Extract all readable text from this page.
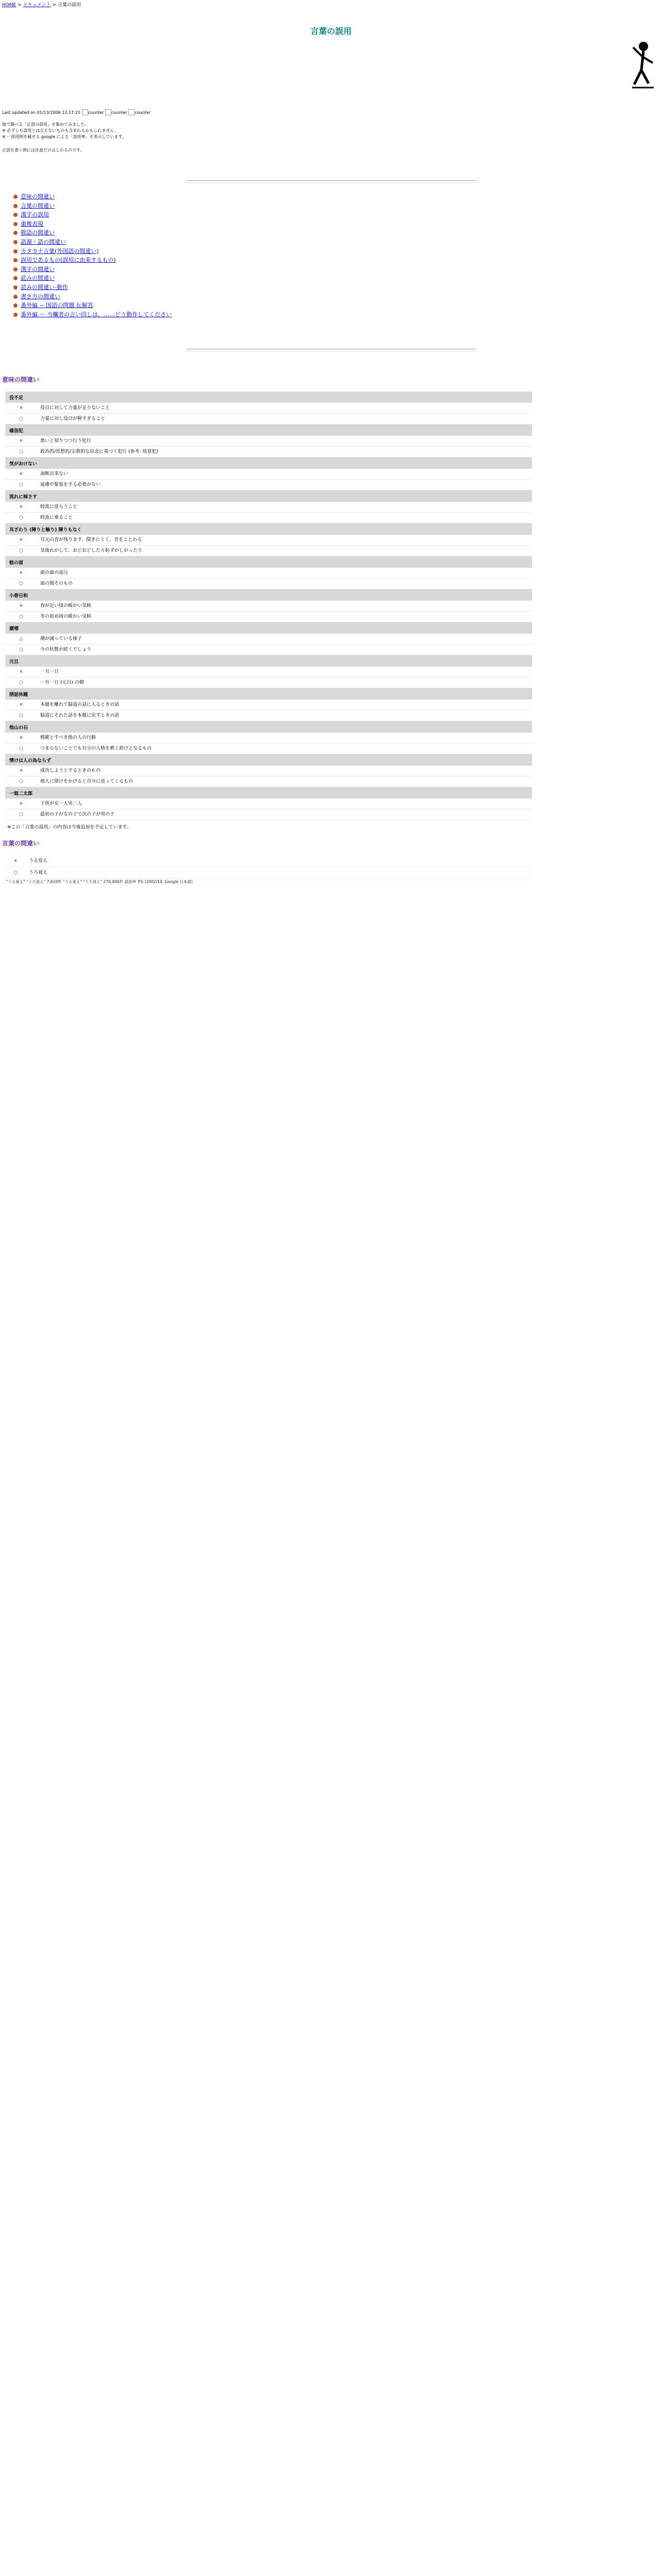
HOME > ドキュメント > 言葉の誤用
言葉の誤用
Last updated on 01/13/2006 12:17:21 counter counter counter
他で調べる「正誤の誤用」を集めてみました。
※ 必ずしも誤用とは言えないものも含まれるかもしれません。
※ 一部用例を載せる google による「誤用率」を表示しています。
正誤を書く例には注意だけはしわるのです。
意味の間違い
言葉の間違い
漢字の誤用
重複表現
敬語の間違い
語源・語の間違い
カタカナ言葉(外国語の間違い)
誤用であるもの(誤用に由来するもの)
漢字の間違い
読みの間違い
読みの間違い-動作
書き方の間違い
番外編 ~ 国語の問題 伝解答
番外編 ～ 当欄者の言い回しは、……どう動作してください
意味の間違い
役不足
×	役目に対して力量が足りないこと
○	力量に対し役目が軽すぎること
確信犯
×	悪いと知りつつ行う犯行
○	政治的/思想的/宗教的な信念に基づく犯行 (参考: 故意犯)
気がおけない
×	油断出来ない
○	遠慮や緊張をする必要がない
流れに棹さす
×	時流に逆らうこと
○	時流に乗ること
耳ざわり (障りと触り) 障りもなく
×	耳元の音が残ります、聞きにくく、音をことわる
○	気後れがして、おどおどしたり恥ずかしがったり
蛙の面
×	面の面の部分
○	面の間そのもの
小春日和
×	春が近い頃の暖かい気候
○	冬の初め頃の暖かい気候
潮増
△	潮が減っている様子
○	今の状態が続くでしょう
元旦
×	一月一日
○	一月一日 (元日) の朝
閉話休題
×	本題を離れて脇道の話に入るときの語
○	脇道にそれた話を本題に戻すときの語
他山の石
×	模範とすべき他の人の行動
○	つまらないことでも自分の人格を磨く助けとなるもの
情けは人の為ならず
×	成功しようとするときのもの
○	他人に情けをかけると自分に返ってくるもの
一姫二太郎
×	子供が女一人男二人
○	最初の子が女の子で次の子が男の子
※この「言葉の誤用」の内容は今後追加を予定しています。
言葉の間違い
×	うる覚え
○	うろ覚え
"うる覚え" "うろ覚え" 7,610件 "うる覚え" "うろ覚え" 270,000件 誤用率 3% (2002/10, Google 日本語)
